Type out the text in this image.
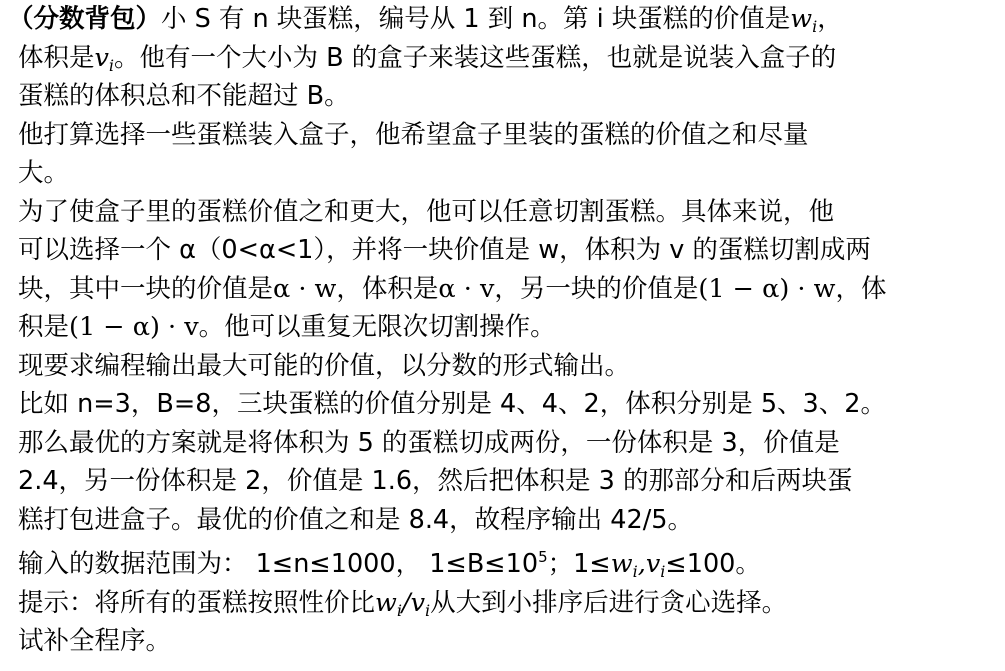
（分数背包）小 S 有 n 块蛋糕，编号从 1 到 n。第 i 块蛋糕的价值是$w_i$，
体积是$v_i$。他有一个大小为 B 的盒子来装这些蛋糕，也就是说装入盒子的
蛋糕的体积总和不能超过 B。
他打算选择一些蛋糕装入盒子，他希望盒子里装的蛋糕的价值之和尽量
大。
为了使盒子里的蛋糕价值之和更大，他可以任意切割蛋糕。具体来说，他
可以选择一个 α（0<α<1），并将一块价值是 w，体积为 v 的蛋糕切割成两
块，其中一块的价值是α · w，体积是α · v，另一块的价值是(1 − α) · w，体
积是(1 − α) · v。他可以重复无限次切割操作。
现要求编程输出最大可能的价值，以分数的形式输出。
比如 n=3，B=8，三块蛋糕的价值分别是 4、4、2，体积分别是 5、3、2。
那么最优的方案就是将体积为 5 的蛋糕切成两份，一份体积是 3，价值是
2.4，另一份体积是 2，价值是 1.6，然后把体积是 3 的那部分和后两块蛋
糕打包进盒子。最优的价值之和是 8.4，故程序输出 42/5。
输入的数据范围为： 1≤n≤1000， $1\le B\le 10^5$；$1\le w_i,v_i\le 100$。
提示：将所有的蛋糕按照性价比$w_i/v_i$从大到小排序后进行贪心选择。
试补全程序。
